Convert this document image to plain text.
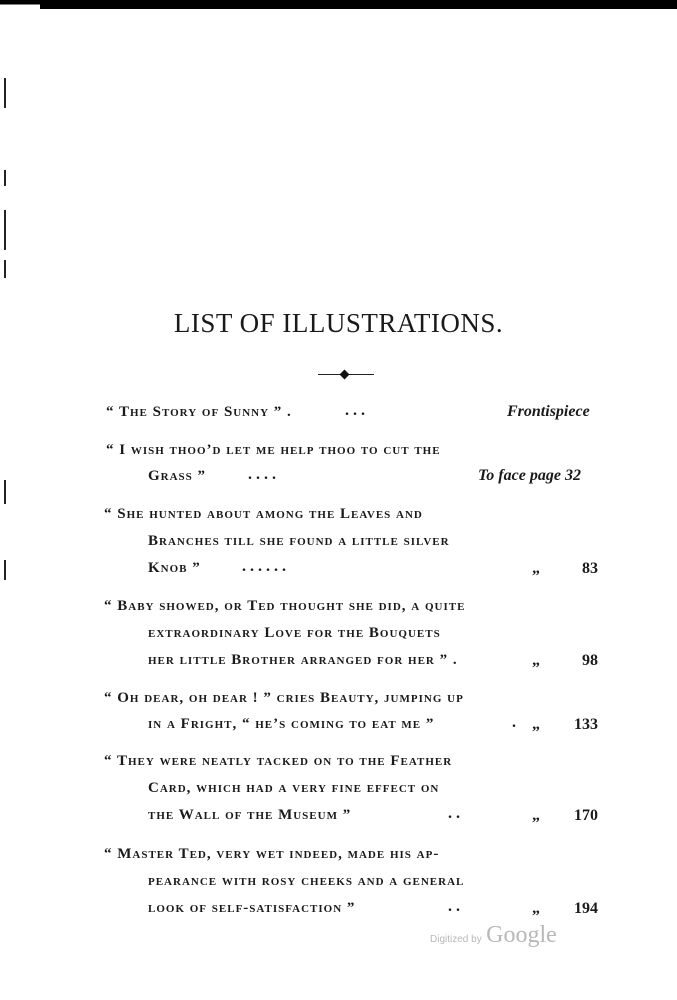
LIST OF ILLUSTRATIONS.
“ The Story of Sunny ” .	. . .	Frontispiece
“ I wish thoo’d let me help thoo to cut the
Grass ”	. . . .	To face page 32
“ She hunted about among the Leaves and
Branches till she found a little silver
Knob ”	. . . . . .	„	83
“ Baby showed, or Ted thought she did, a quite
extraordinary Love for the Bouquets
her little Brother arranged for her ” .	„	98
“ Oh dear, oh dear ! ” cries Beauty, jumping up
in a Fright, “ he’s coming to eat me ”	. „	133
“ They were neatly tacked on to the Feather
Card, which had a very fine effect on
the Wall of the Museum ”	. .	„	170
“ Master Ted, very wet indeed, made his ap-
pearance with rosy cheeks and a general
look of self-satisfaction ”	. .	„	194
Digitized by Google
